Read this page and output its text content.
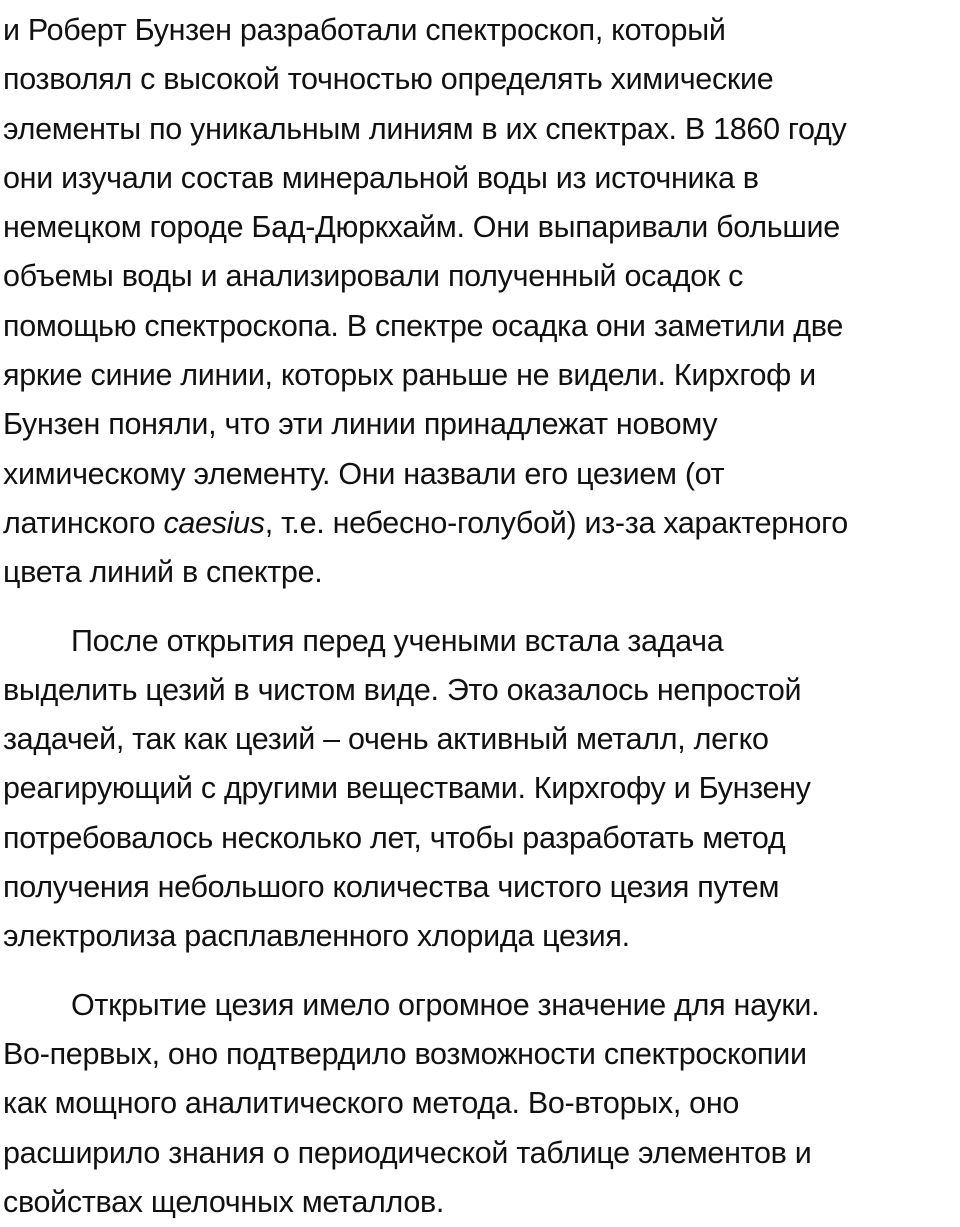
и Роберт Бунзен разработали спектроскоп, который
позволял с высокой точностью определять химические
элементы по уникальным линиям в их спектрах. В 1860 году
они изучали состав минеральной воды из источника в
немецком городе Бад-Дюркхайм. Они выпаривали большие
объемы воды и анализировали полученный осадок с
помощью спектроскопа. В спектре осадка они заметили две
яркие синие линии, которых раньше не видели. Кирхгоф и
Бунзен поняли, что эти линии принадлежат новому
химическому элементу. Они назвали его цезием (от
латинского caesius, т.е. небесно-голубой) из-за характерного
цвета линий в спектре.

После открытия перед учеными встала задача
выделить цезий в чистом виде. Это оказалось непростой
задачей, так как цезий – очень активный металл, легко
реагирующий с другими веществами. Кирхгофу и Бунзену
потребовалось несколько лет, чтобы разработать метод
получения небольшого количества чистого цезия путем
электролиза расплавленного хлорида цезия.

Открытие цезия имело огромное значение для науки.
Во-первых, оно подтвердило возможности спектроскопии
как мощного аналитического метода. Во-вторых, оно
расширило знания о периодической таблице элементов и
свойствах щелочных металлов.
